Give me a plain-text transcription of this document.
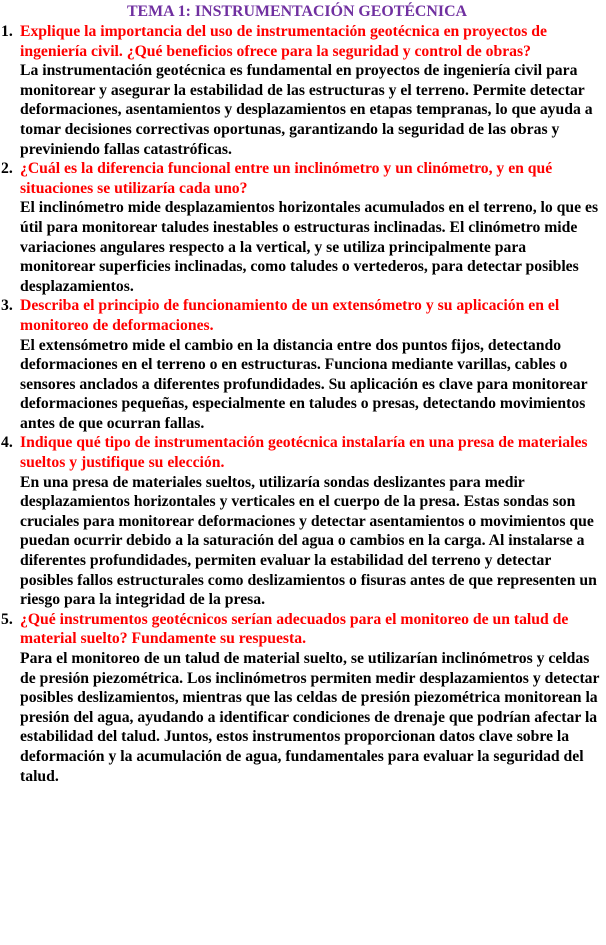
TEMA 1: INSTRUMENTACIÓN GEOTÉCNICA
1. Explique la importancia del uso de instrumentación geotécnica en proyectos de ingeniería civil. ¿Qué beneficios ofrece para la seguridad y control de obras?
La instrumentación geotécnica es fundamental en proyectos de ingeniería civil para monitorear y asegurar la estabilidad de las estructuras y el terreno. Permite detectar deformaciones, asentamientos y desplazamientos en etapas tempranas, lo que ayuda a tomar decisiones correctivas oportunas, garantizando la seguridad de las obras y previniendo fallas catastróficas.
2. ¿Cuál es la diferencia funcional entre un inclinómetro y un clinómetro, y en qué situaciones se utilizaría cada uno?
El inclinómetro mide desplazamientos horizontales acumulados en el terreno, lo que es útil para monitorear taludes inestables o estructuras inclinadas. El clinómetro mide variaciones angulares respecto a la vertical, y se utiliza principalmente para monitorear superficies inclinadas, como taludes o vertederos, para detectar posibles desplazamientos.
3. Describa el principio de funcionamiento de un extensómetro y su aplicación en el monitoreo de deformaciones.
El extensómetro mide el cambio en la distancia entre dos puntos fijos, detectando deformaciones en el terreno o en estructuras. Funciona mediante varillas, cables o sensores anclados a diferentes profundidades. Su aplicación es clave para monitorear deformaciones pequeñas, especialmente en taludes o presas, detectando movimientos antes de que ocurran fallas.
4. Indique qué tipo de instrumentación geotécnica instalaría en una presa de materiales sueltos y justifique su elección.
En una presa de materiales sueltos, utilizaría sondas deslizantes para medir desplazamientos horizontales y verticales en el cuerpo de la presa. Estas sondas son cruciales para monitorear deformaciones y detectar asentamientos o movimientos que puedan ocurrir debido a la saturación del agua o cambios en la carga. Al instalarse a diferentes profundidades, permiten evaluar la estabilidad del terreno y detectar posibles fallos estructurales como deslizamientos o fisuras antes de que representen un riesgo para la integridad de la presa.
5. ¿Qué instrumentos geotécnicos serían adecuados para el monitoreo de un talud de material suelto? Fundamente su respuesta.
Para el monitoreo de un talud de material suelto, se utilizarían inclinómetros y celdas de presión piezométrica. Los inclinómetros permiten medir desplazamientos y detectar posibles deslizamientos, mientras que las celdas de presión piezométrica monitorean la presión del agua, ayudando a identificar condiciones de drenaje que podrían afectar la estabilidad del talud. Juntos, estos instrumentos proporcionan datos clave sobre la deformación y la acumulación de agua, fundamentales para evaluar la seguridad del talud.
